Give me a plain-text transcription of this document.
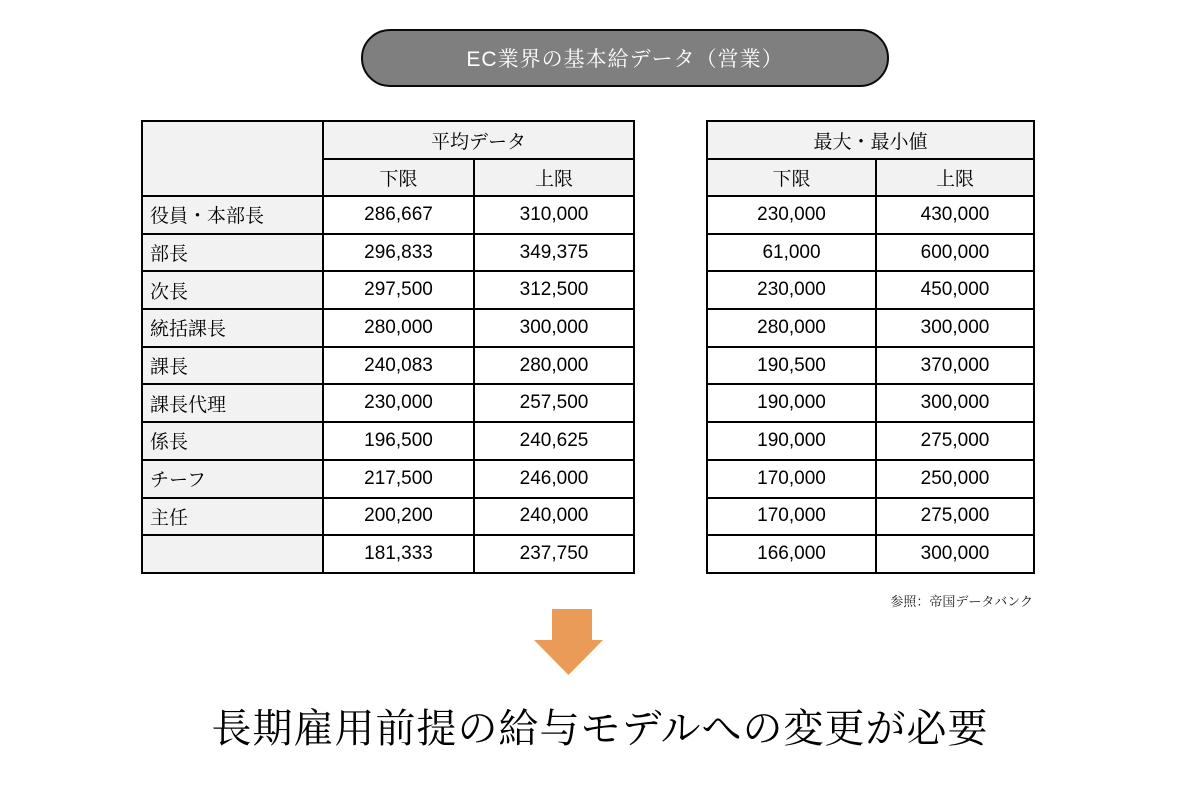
EC業界の基本給データ（営業）
	平均データ	
	下限	上限
役員・本部長	286,667	310,000
部長	296,833	349,375
次長	297,500	312,500
統括課長	280,000	300,000
課長	240,083	280,000
課長代理	230,000	257,500
係長	196,500	240,625
チーフ	217,500	246,000
主任	200,200	240,000
	181,333	237,750
最大・最小値	
下限	上限
230,000	430,000
61,000	600,000
230,000	450,000
280,000	300,000
190,500	370,000
190,000	300,000
190,000	275,000
170,000	250,000
170,000	275,000
166,000	300,000
参照：帝国データバンク
長期雇用前提の給与モデルへの変更が必要
